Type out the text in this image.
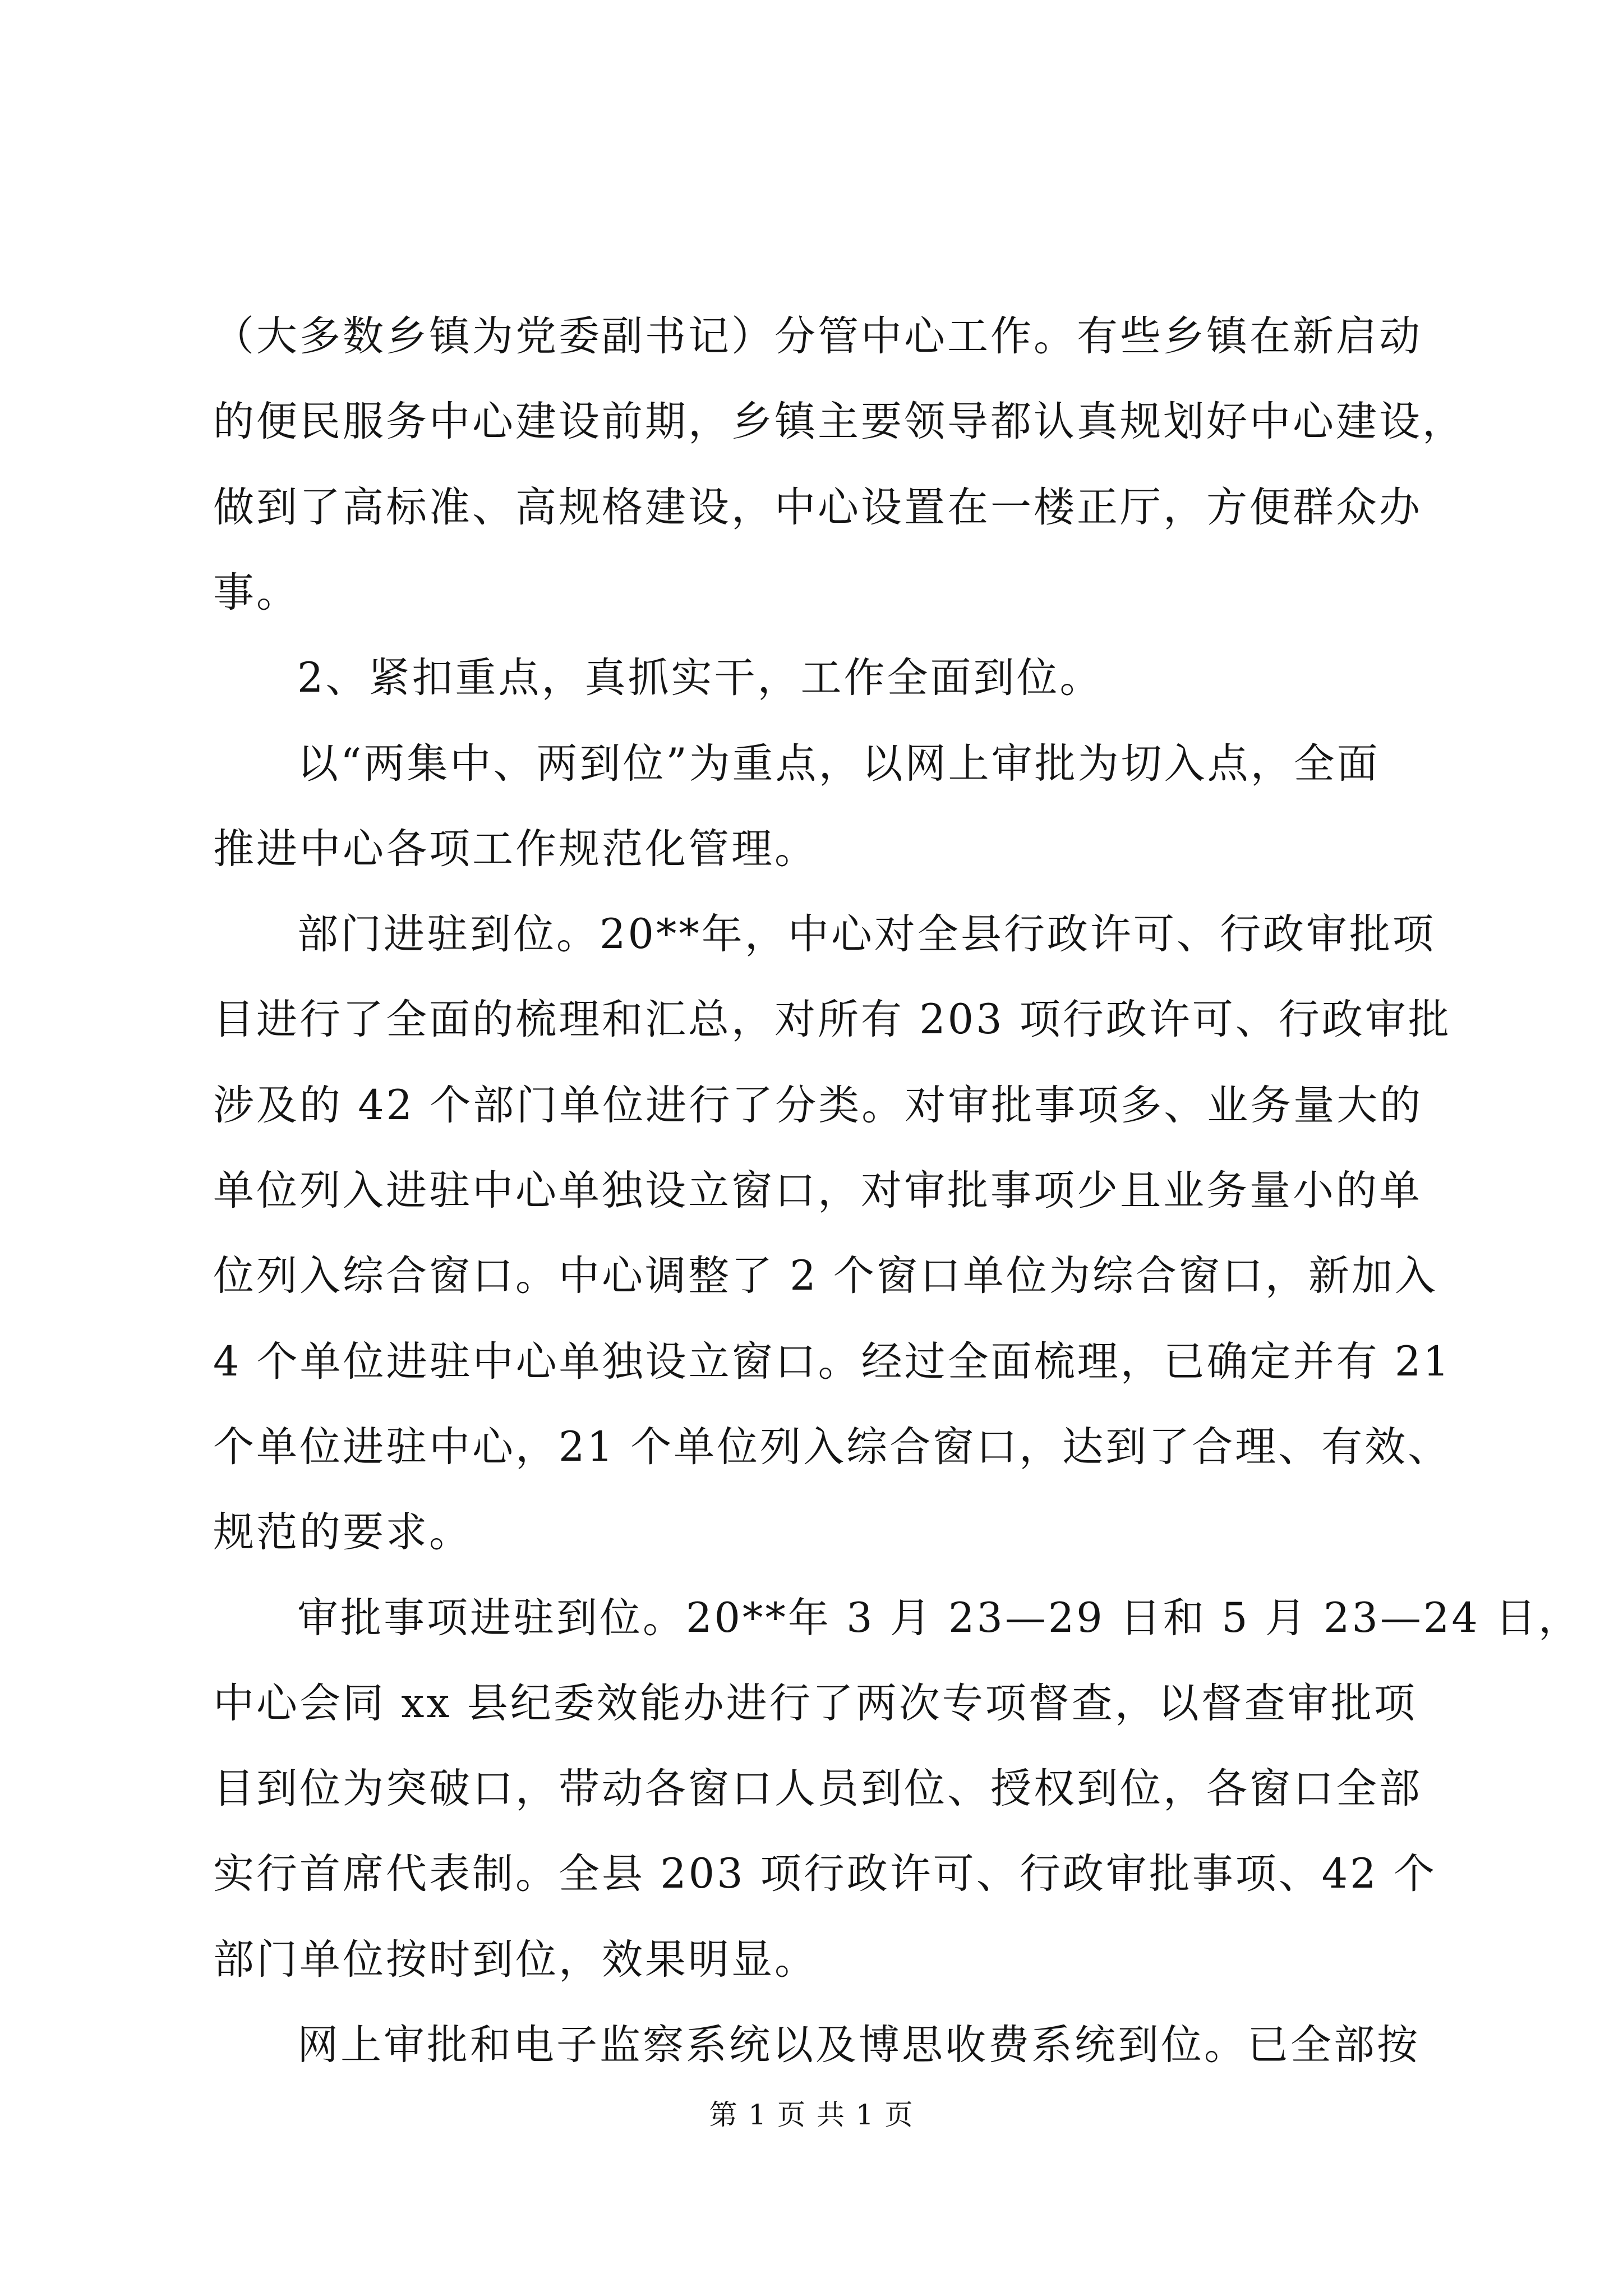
（大多数乡镇为党委副书记）分管中心工作。有些乡镇在新启动
的便民服务中心建设前期，乡镇主要领导都认真规划好中心建设，
做到了高标准、高规格建设，中心设置在一楼正厅，方便群众办
事。
2、紧扣重点，真抓实干，工作全面到位。
以“两集中、两到位”为重点，以网上审批为切入点，全面
推进中心各项工作规范化管理。
部门进驻到位。20**年，中心对全县行政许可、行政审批项
目进行了全面的梳理和汇总，对所有 203 项行政许可、行政审批
涉及的 42 个部门单位进行了分类。对审批事项多、业务量大的
单位列入进驻中心单独设立窗口，对审批事项少且业务量小的单
位列入综合窗口。中心调整了 2 个窗口单位为综合窗口，新加入
4 个单位进驻中心单独设立窗口。经过全面梳理，已确定并有 21
个单位进驻中心，21 个单位列入综合窗口，达到了合理、有效、
规范的要求。
审批事项进驻到位。20**年 3 月 23—29 日和 5 月 23—24 日，
中心会同 xx 县纪委效能办进行了两次专项督查，以督查审批项
目到位为突破口，带动各窗口人员到位、授权到位，各窗口全部
实行首席代表制。全县 203 项行政许可、行政审批事项、42 个
部门单位按时到位，效果明显。
网上审批和电子监察系统以及博思收费系统到位。已全部按
第 1 页 共 1 页
